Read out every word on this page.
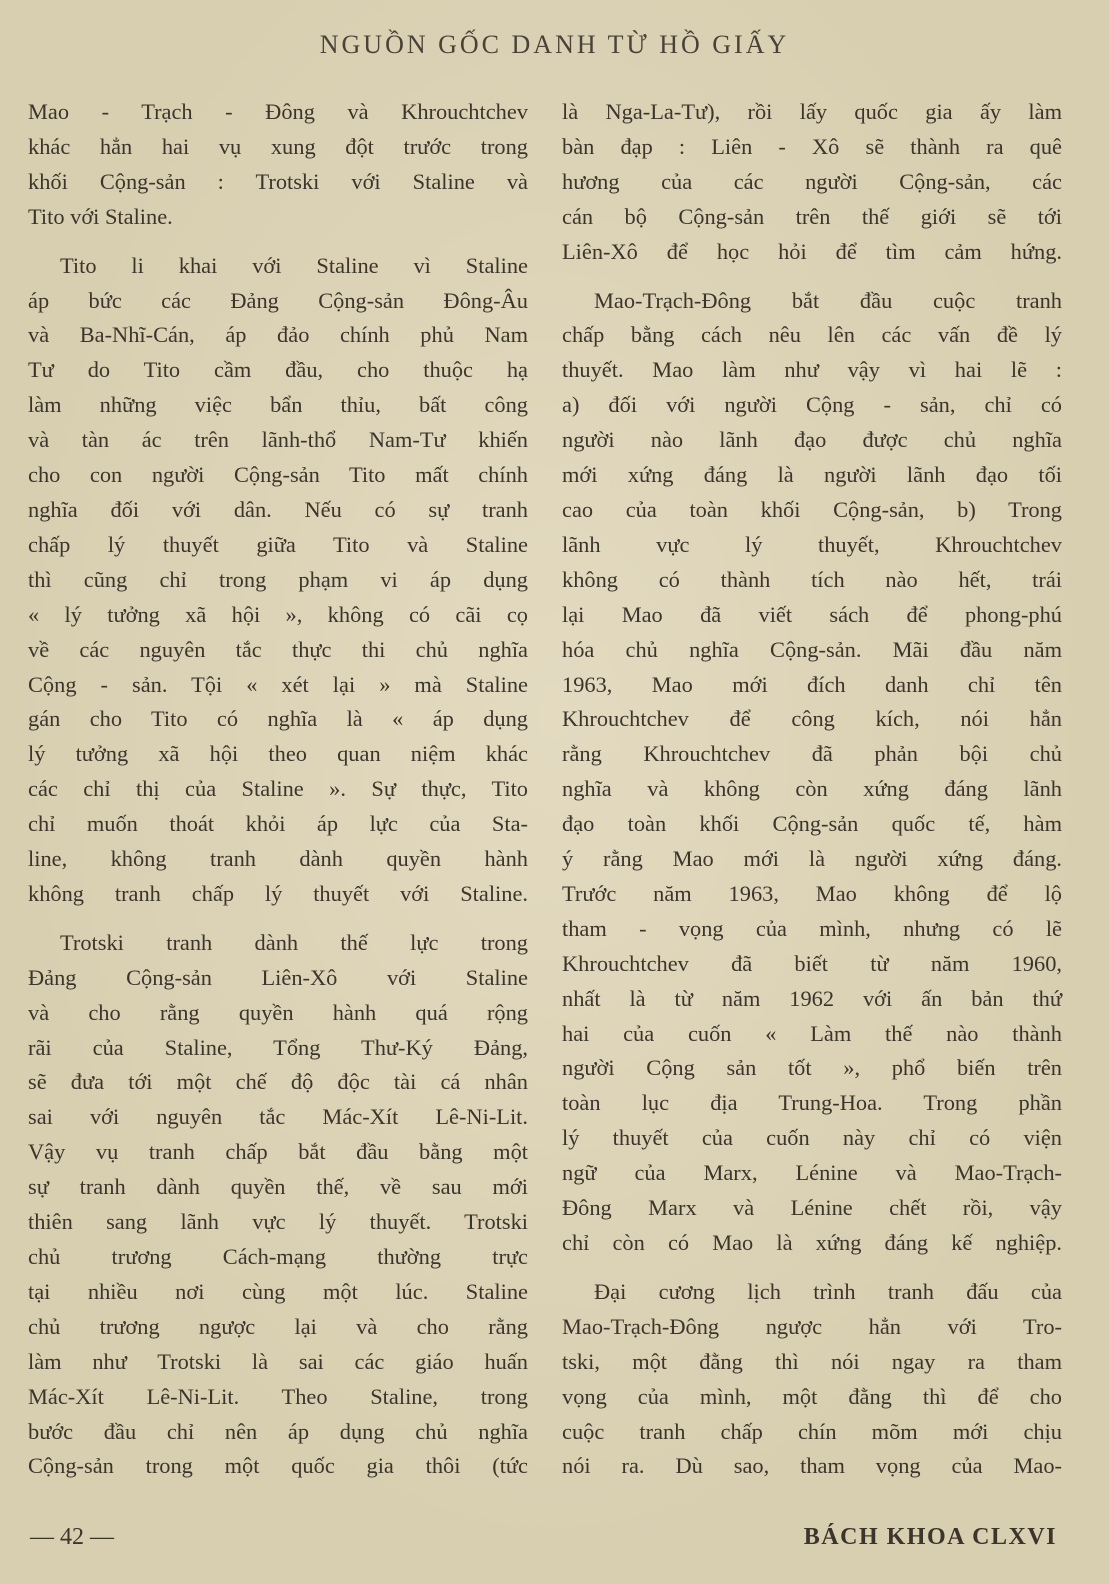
NGUỒN GỐC DANH TỪ HỒ GIẤY

Mao - Trạch - Đông và Khrouchtchev
khác hẳn hai vụ xung đột trước trong
khối Cộng-sản : Trotski với Staline và
Tito với Staline.

Tito li khai với Staline vì Staline
áp bức các Đảng Cộng-sản Đông-Âu
và Ba-Nhĩ-Cán, áp đảo chính phủ Nam
Tư do Tito cầm đầu, cho thuộc hạ
làm những việc bẩn thỉu, bất công
và tàn ác trên lãnh-thổ Nam-Tư khiến
cho con người Cộng-sản Tito mất chính
nghĩa đối với dân. Nếu có sự tranh
chấp lý thuyết giữa Tito và Staline
thì cũng chỉ trong phạm vi áp dụng
« lý tưởng xã hội », không có cãi cọ
về các nguyên tắc thực thi chủ nghĩa
Cộng - sản. Tội « xét lại » mà Staline
gán cho Tito có nghĩa là « áp dụng
lý tưởng xã hội theo quan niệm khác
các chỉ thị của Staline ». Sự thực, Tito
chỉ muốn thoát khỏi áp lực của Sta-
line, không tranh dành quyền hành
không tranh chấp lý thuyết với Staline.

Trotski tranh dành thế lực trong
Đảng Cộng-sản Liên-Xô với Staline
và cho rằng quyền hành quá rộng
rãi của Staline, Tổng Thư-Ký Đảng,
sẽ đưa tới một chế độ độc tài cá nhân
sai với nguyên tắc Mác-Xít Lê-Ni-Lit.
Vậy vụ tranh chấp bắt đầu bằng một
sự tranh dành quyền thế, về sau mới
thiên sang lãnh vực lý thuyết. Trotski
chủ trương Cách-mạng thường trực
tại nhiều nơi cùng một lúc. Staline
chủ trương ngược lại và cho rằng
làm như Trotski là sai các giáo huấn
Mác-Xít Lê-Ni-Lit. Theo Staline, trong
bước đầu chỉ nên áp dụng chủ nghĩa
Cộng-sản trong một quốc gia thôi (tức

là Nga-La-Tư), rồi lấy quốc gia ấy làm
bàn đạp : Liên - Xô sẽ thành ra quê
hương của các người Cộng-sản, các
cán bộ Cộng-sản trên thế giới sẽ tới
Liên-Xô để học hỏi để tìm cảm hứng.

Mao-Trạch-Đông bắt đầu cuộc tranh
chấp bằng cách nêu lên các vấn đề lý
thuyết. Mao làm như vậy vì hai lẽ :
a) đối với người Cộng - sản, chỉ có
người nào lãnh đạo được chủ nghĩa
mới xứng đáng là người lãnh đạo tối
cao của toàn khối Cộng-sản, b) Trong
lãnh vực lý thuyết, Khrouchtchev
không có thành tích nào hết, trái
lại Mao đã viết sách để phong-phú
hóa chủ nghĩa Cộng-sản. Mãi đầu năm
1963, Mao mới đích danh chỉ tên
Khrouchtchev để công kích, nói hẳn
rằng Khrouchtchev đã phản bội chủ
nghĩa và không còn xứng đáng lãnh
đạo toàn khối Cộng-sản quốc tế, hàm
ý rằng Mao mới là người xứng đáng.
Trước năm 1963, Mao không để lộ
tham - vọng của mình, nhưng có lẽ
Khrouchtchev đã biết từ năm 1960,
nhất là từ năm 1962 với ấn bản thứ
hai của cuốn « Làm thế nào thành
người Cộng sản tốt », phổ biến trên
toàn lục địa Trung-Hoa. Trong phần
lý thuyết của cuốn này chỉ có viện
ngữ của Marx, Lénine và Mao-Trạch-
Đông Marx và Lénine chết rồi, vậy
chỉ còn có Mao là xứng đáng kế nghiệp.

Đại cương lịch trình tranh đấu của
Mao-Trạch-Đông ngược hẳn với Tro-
tski, một đằng thì nói ngay ra tham
vọng của mình, một đằng thì để cho
cuộc tranh chấp chín mõm mới chịu
nói ra. Dù sao, tham vọng của Mao-

— 42 —	BÁCH KHOA CLXVI
